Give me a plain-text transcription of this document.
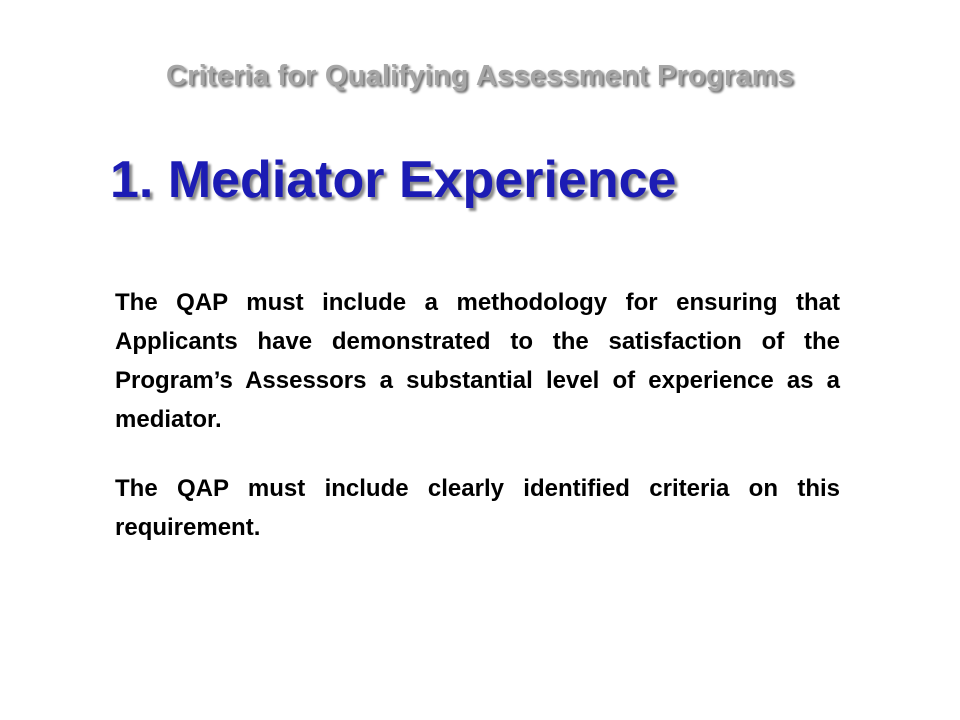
Criteria for Qualifying Assessment Programs
1. Mediator Experience

The QAP must include a methodology for ensuring that Applicants have demonstrated to the satisfaction of the Program’s Assessors a substantial level of experience as a mediator.

The QAP must include clearly identified criteria on this requirement.
